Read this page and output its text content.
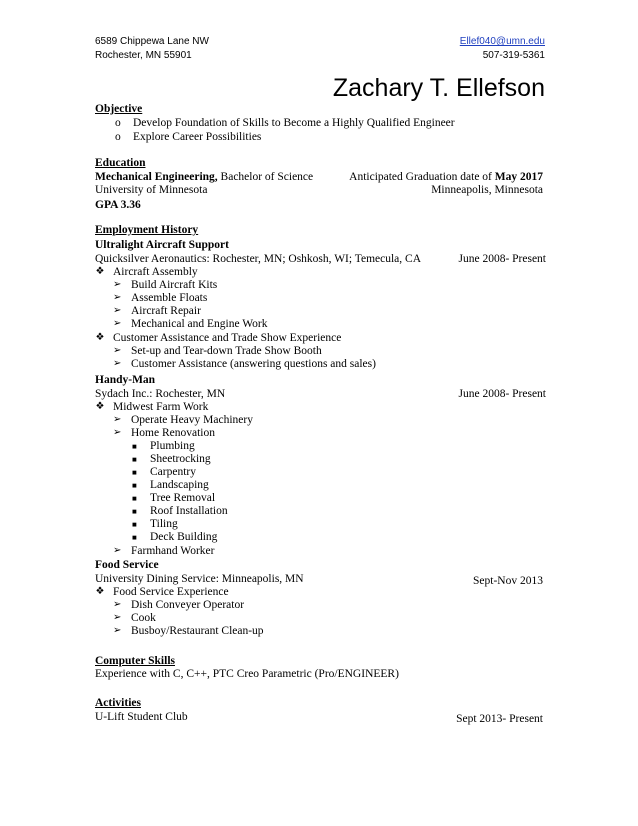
6589 Chippewa Lane NW
Rochester, MN 55901
Ellef040@umn.edu
507-319-5361
Zachary T. Ellefson
Objective
o Develop Foundation of Skills to Become a Highly Qualified Engineer
o Explore Career Possibilities
Education
Mechanical Engineering, Bachelor of Science	Anticipated Graduation date of May 2017
University of Minnesota	Minneapolis, Minnesota
GPA 3.36
Employment History
Ultralight Aircraft Support
Quicksilver Aeronautics: Rochester, MN; Oshkosh, WI; Temecula, CA	June 2008- Present
❖ Aircraft Assembly
➢ Build Aircraft Kits
➢ Assemble Floats
➢ Aircraft Repair
➢ Mechanical and Engine Work
❖ Customer Assistance and Trade Show Experience
➢ Set-up and Tear-down Trade Show Booth
➢ Customer Assistance (answering questions and sales)
Handy-Man
Sydach Inc.: Rochester, MN	June 2008- Present
❖ Midwest Farm Work
➢ Operate Heavy Machinery
➢ Home Renovation
■ Plumbing
■ Sheetrocking
■ Carpentry
■ Landscaping
■ Tree Removal
■ Roof Installation
■ Tiling
■ Deck Building
➢ Farmhand Worker
Food Service
University Dining Service: Minneapolis, MN	Sept-Nov 2013
❖ Food Service Experience
➢ Dish Conveyer Operator
➢ Cook
➢ Busboy/Restaurant Clean-up
Computer Skills
Experience with C, C++, PTC Creo Parametric (Pro/ENGINEER)
Activities
U-Lift Student Club	Sept 2013- Present
